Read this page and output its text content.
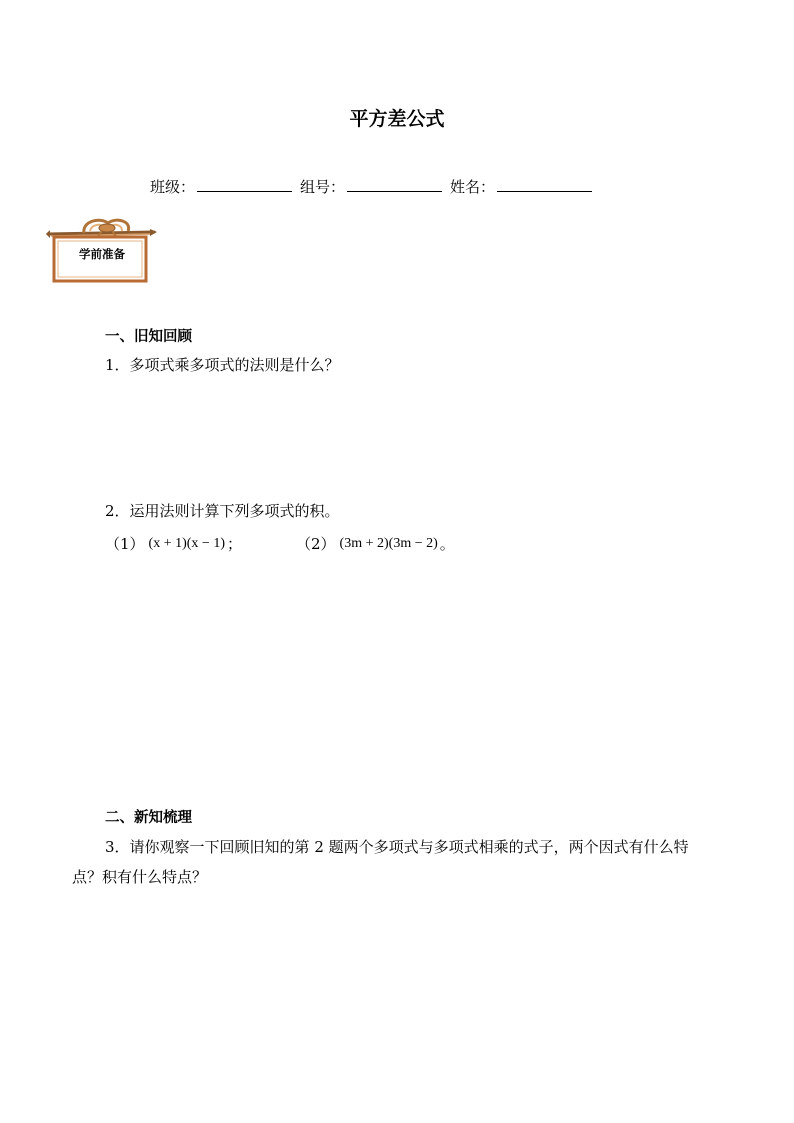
平方差公式
班级：	组号：	姓名：
学前准备
一、旧知回顾
1．多项式乘多项式的法则是什么？
2．运用法则计算下列多项式的积。
（1） (x + 1)(x − 1) ；	（2） (3m + 2)(3m − 2) 。
二、新知梳理
3．请你观察一下回顾旧知的第 2 题两个多项式与多项式相乘的式子，两个因式有什么特
点？积有什么特点？
